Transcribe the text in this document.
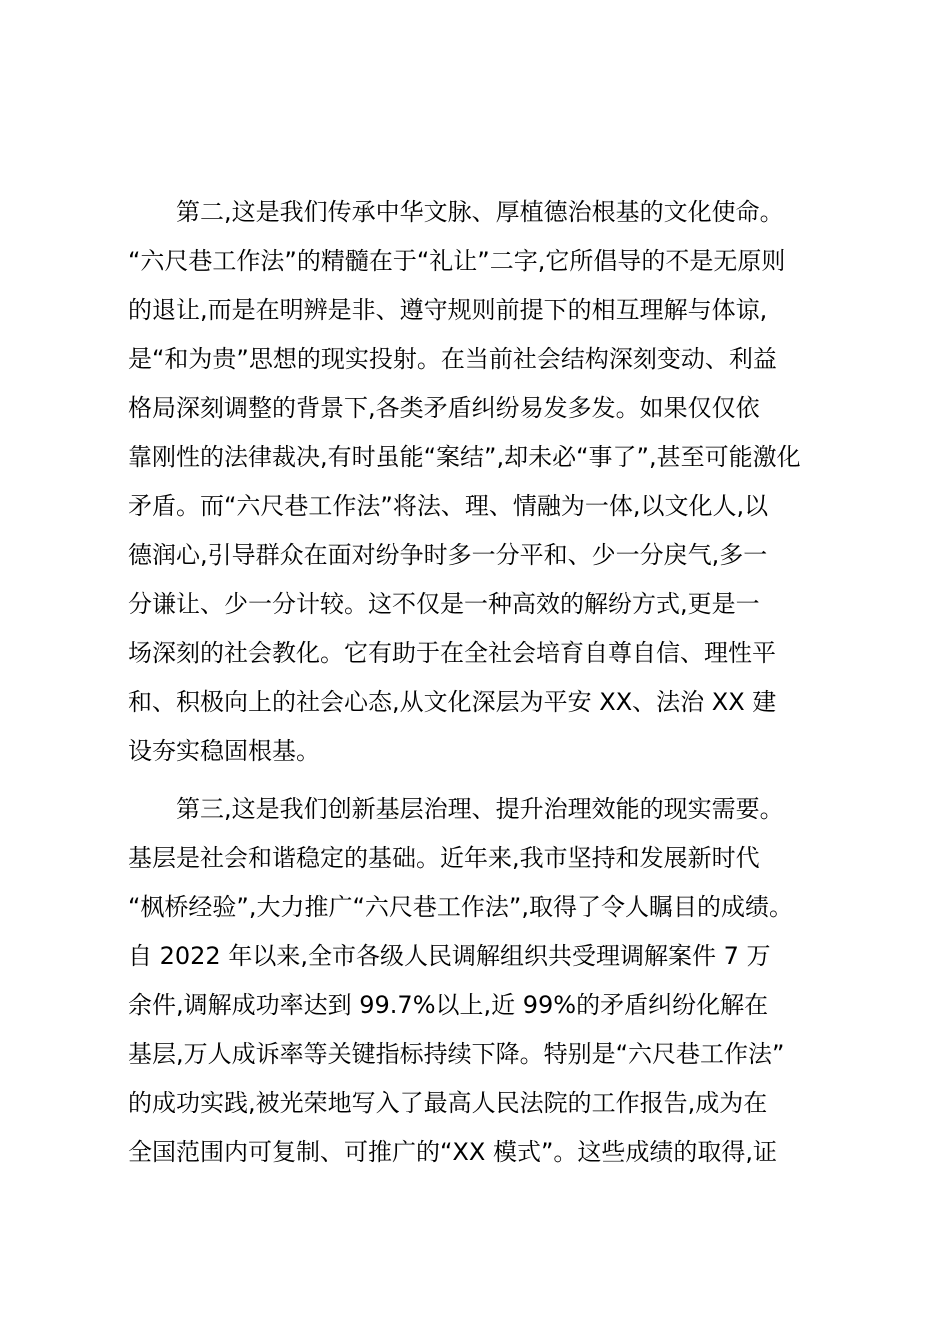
第二,这是我们传承中华文脉、厚植德治根基的文化使命。
“六尺巷工作法”的精髓在于“礼让”二字,它所倡导的不是无原则
的退让,而是在明辨是非、遵守规则前提下的相互理解与体谅,
是“和为贵”思想的现实投射。在当前社会结构深刻变动、利益
格局深刻调整的背景下,各类矛盾纠纷易发多发。如果仅仅依
靠刚性的法律裁决,有时虽能“案结”,却未必“事了”,甚至可能激化
矛盾。而“六尺巷工作法”将法、理、情融为一体,以文化人,以
德润心,引导群众在面对纷争时多一分平和、少一分戾气,多一
分谦让、少一分计较。这不仅是一种高效的解纷方式,更是一
场深刻的社会教化。它有助于在全社会培育自尊自信、理性平
和、积极向上的社会心态,从文化深层为平安 XX、法治 XX 建
设夯实稳固根基。
第三,这是我们创新基层治理、提升治理效能的现实需要。
基层是社会和谐稳定的基础。近年来,我市坚持和发展新时代
“枫桥经验”,大力推广“六尺巷工作法”,取得了令人瞩目的成绩。
自 2022 年以来,全市各级人民调解组织共受理调解案件 7 万
余件,调解成功率达到 99.7%以上,近 99%的矛盾纠纷化解在
基层,万人成诉率等关键指标持续下降。特别是“六尺巷工作法”
的成功实践,被光荣地写入了最高人民法院的工作报告,成为在
全国范围内可复制、可推广的“XX 模式”。这些成绩的取得,证
